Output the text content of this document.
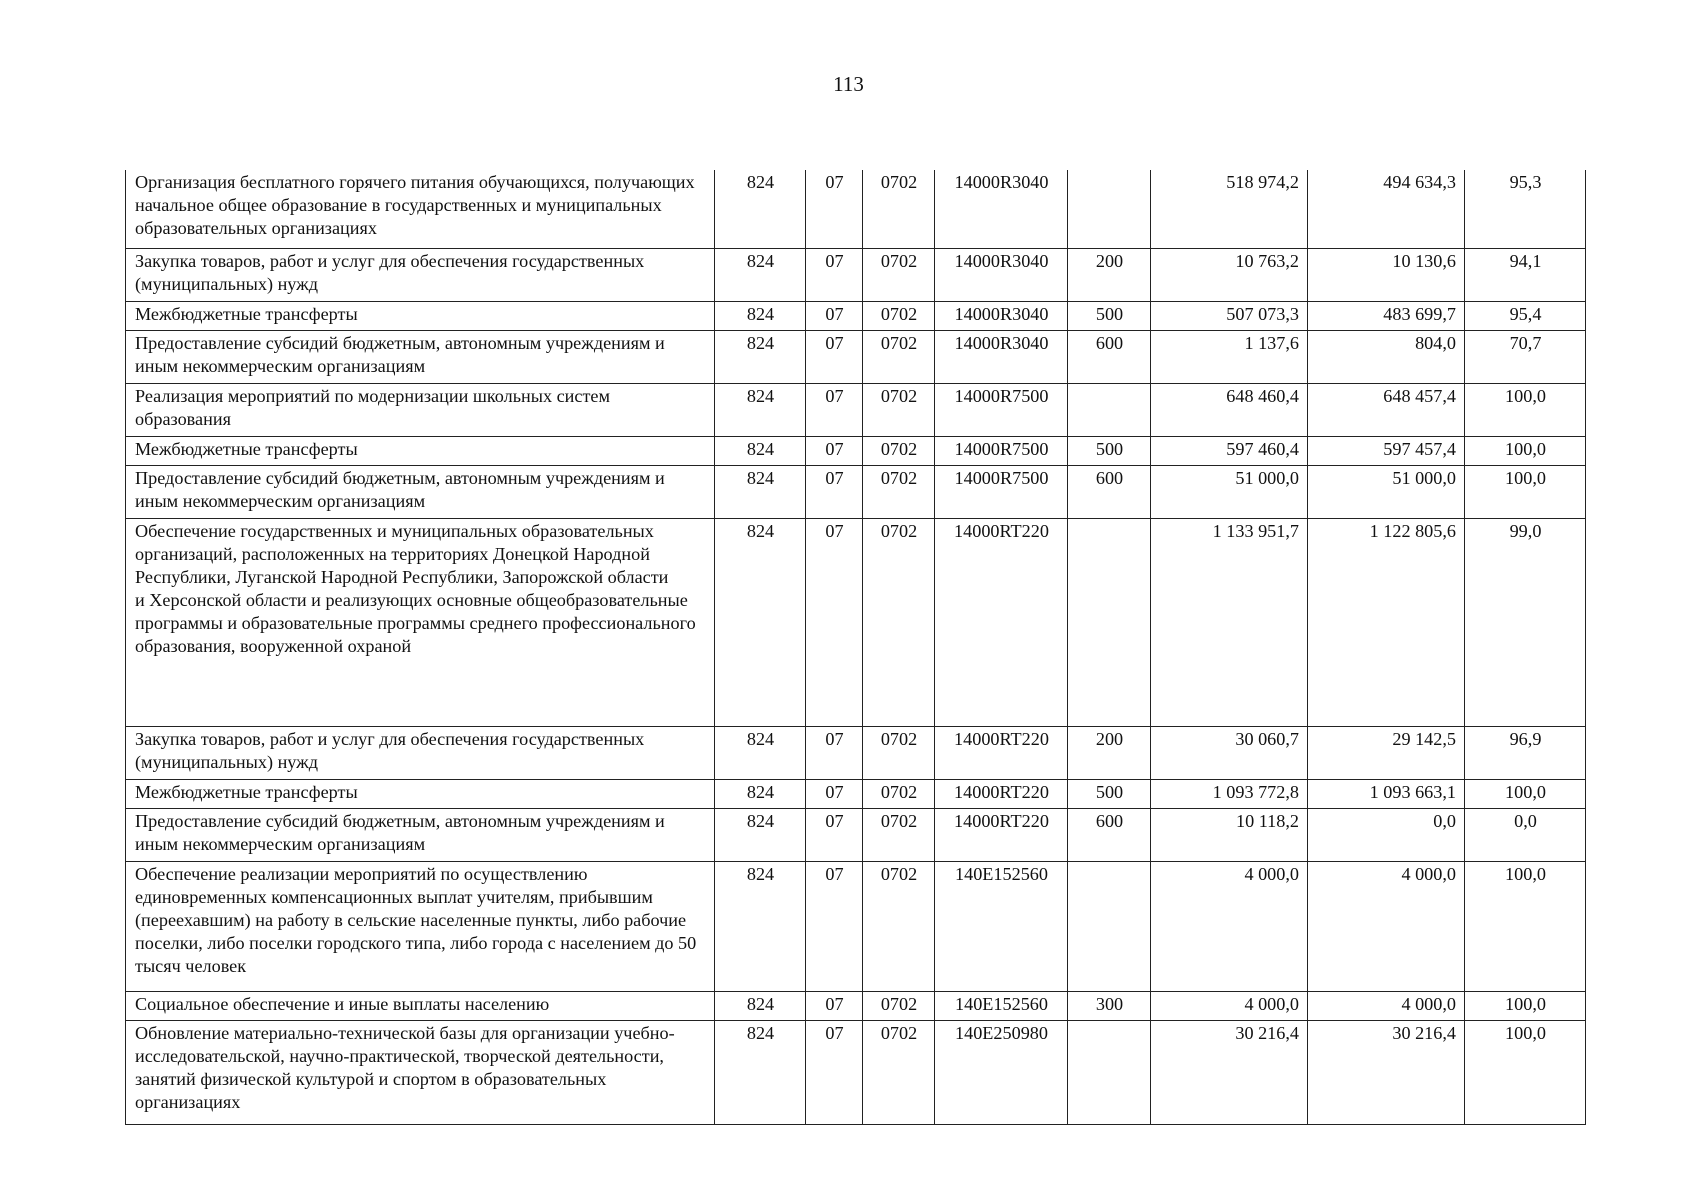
113
Организация бесплатного горячего питания обучающихся, получающих начальное общее образование в государственных и муниципальных образовательных организациях	824	07	0702	14000R3040		518 974,2	494 634,3	95,3
Закупка товаров, работ и услуг для обеспечения государственных (муниципальных) нужд	824	07	0702	14000R3040	200	10 763,2	10 130,6	94,1
Межбюджетные трансферты	824	07	0702	14000R3040	500	507 073,3	483 699,7	95,4
Предоставление субсидий бюджетным, автономным учреждениям и иным некоммерческим организациям	824	07	0702	14000R3040	600	1 137,6	804,0	70,7
Реализация мероприятий по модернизации школьных систем образования	824	07	0702	14000R7500		648 460,4	648 457,4	100,0
Межбюджетные трансферты	824	07	0702	14000R7500	500	597 460,4	597 457,4	100,0
Предоставление субсидий бюджетным, автономным учреждениям и иным некоммерческим организациям	824	07	0702	14000R7500	600	51 000,0	51 000,0	100,0
Обеспечение государственных и муниципальных образовательных организаций, расположенных на территориях Донецкой Народной Республики, Луганской Народной Республики, Запорожской области
и Херсонской области и реализующих основные общеобразовательные программы и образовательные программы среднего профессионального образования, вооруженной охраной	824	07	0702	14000RT220		1 133 951,7	1 122 805,6	99,0
Закупка товаров, работ и услуг для обеспечения государственных (муниципальных) нужд	824	07	0702	14000RT220	200	30 060,7	29 142,5	96,9
Межбюджетные трансферты	824	07	0702	14000RT220	500	1 093 772,8	1 093 663,1	100,0
Предоставление субсидий бюджетным, автономным учреждениям и иным некоммерческим организациям	824	07	0702	14000RT220	600	10 118,2	0,0	0,0
Обеспечение реализации мероприятий по осуществлению единовременных компенсационных выплат учителям, прибывшим (переехавшим) на работу в сельские населенные пункты, либо рабочие поселки, либо поселки городского типа, либо города с населением до 50 тысяч человек	824	07	0702	140E152560		4 000,0	4 000,0	100,0
Социальное обеспечение и иные выплаты населению	824	07	0702	140E152560	300	4 000,0	4 000,0	100,0
Обновление материально-технической базы для организации учебно-исследовательской, научно-практической, творческой деятельности, занятий физической культурой и спортом в образовательных организациях	824	07	0702	140E250980		30 216,4	30 216,4	100,0
